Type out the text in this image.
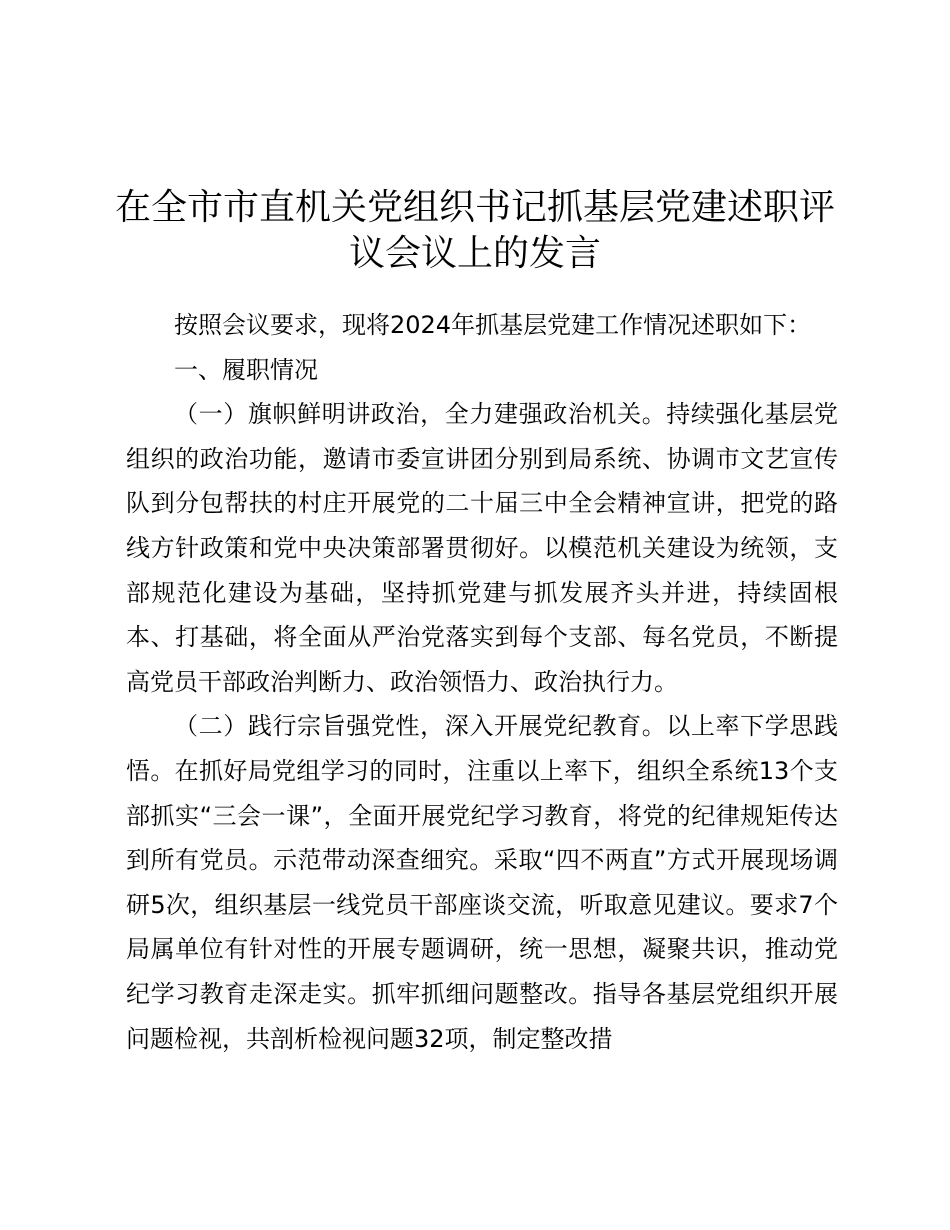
在全市市直机关党组织书记抓基层党建述职评
议会议上的发言

按照会议要求，现将2024年抓基层党建工作情况述职如下：

一、履职情况

（一）旗帜鲜明讲政治，全力建强政治机关。持续强化基层党组织的政治功能，邀请市委宣讲团分别到局系统、协调市文艺宣传队到分包帮扶的村庄开展党的二十届三中全会精神宣讲，把党的路线方针政策和党中央决策部署贯彻好。以模范机关建设为统领，支部规范化建设为基础，坚持抓党建与抓发展齐头并进，持续固根本、打基础，将全面从严治党落实到每个支部、每名党员，不断提高党员干部政治判断力、政治领悟力、政治执行力。

（二）践行宗旨强党性，深入开展党纪教育。以上率下学思践悟。在抓好局党组学习的同时，注重以上率下，组织全系统13个支部抓实“三会一课”，全面开展党纪学习教育，将党的纪律规矩传达到所有党员。示范带动深查细究。采取“四不两直”方式开展现场调研5次，组织基层一线党员干部座谈交流，听取意见建议。要求7个局属单位有针对性的开展专题调研，统一思想，凝聚共识，推动党纪学习教育走深走实。抓牢抓细问题整改。指导各基层党组织开展问题检视，共剖析检视问题32项，制定整改措
